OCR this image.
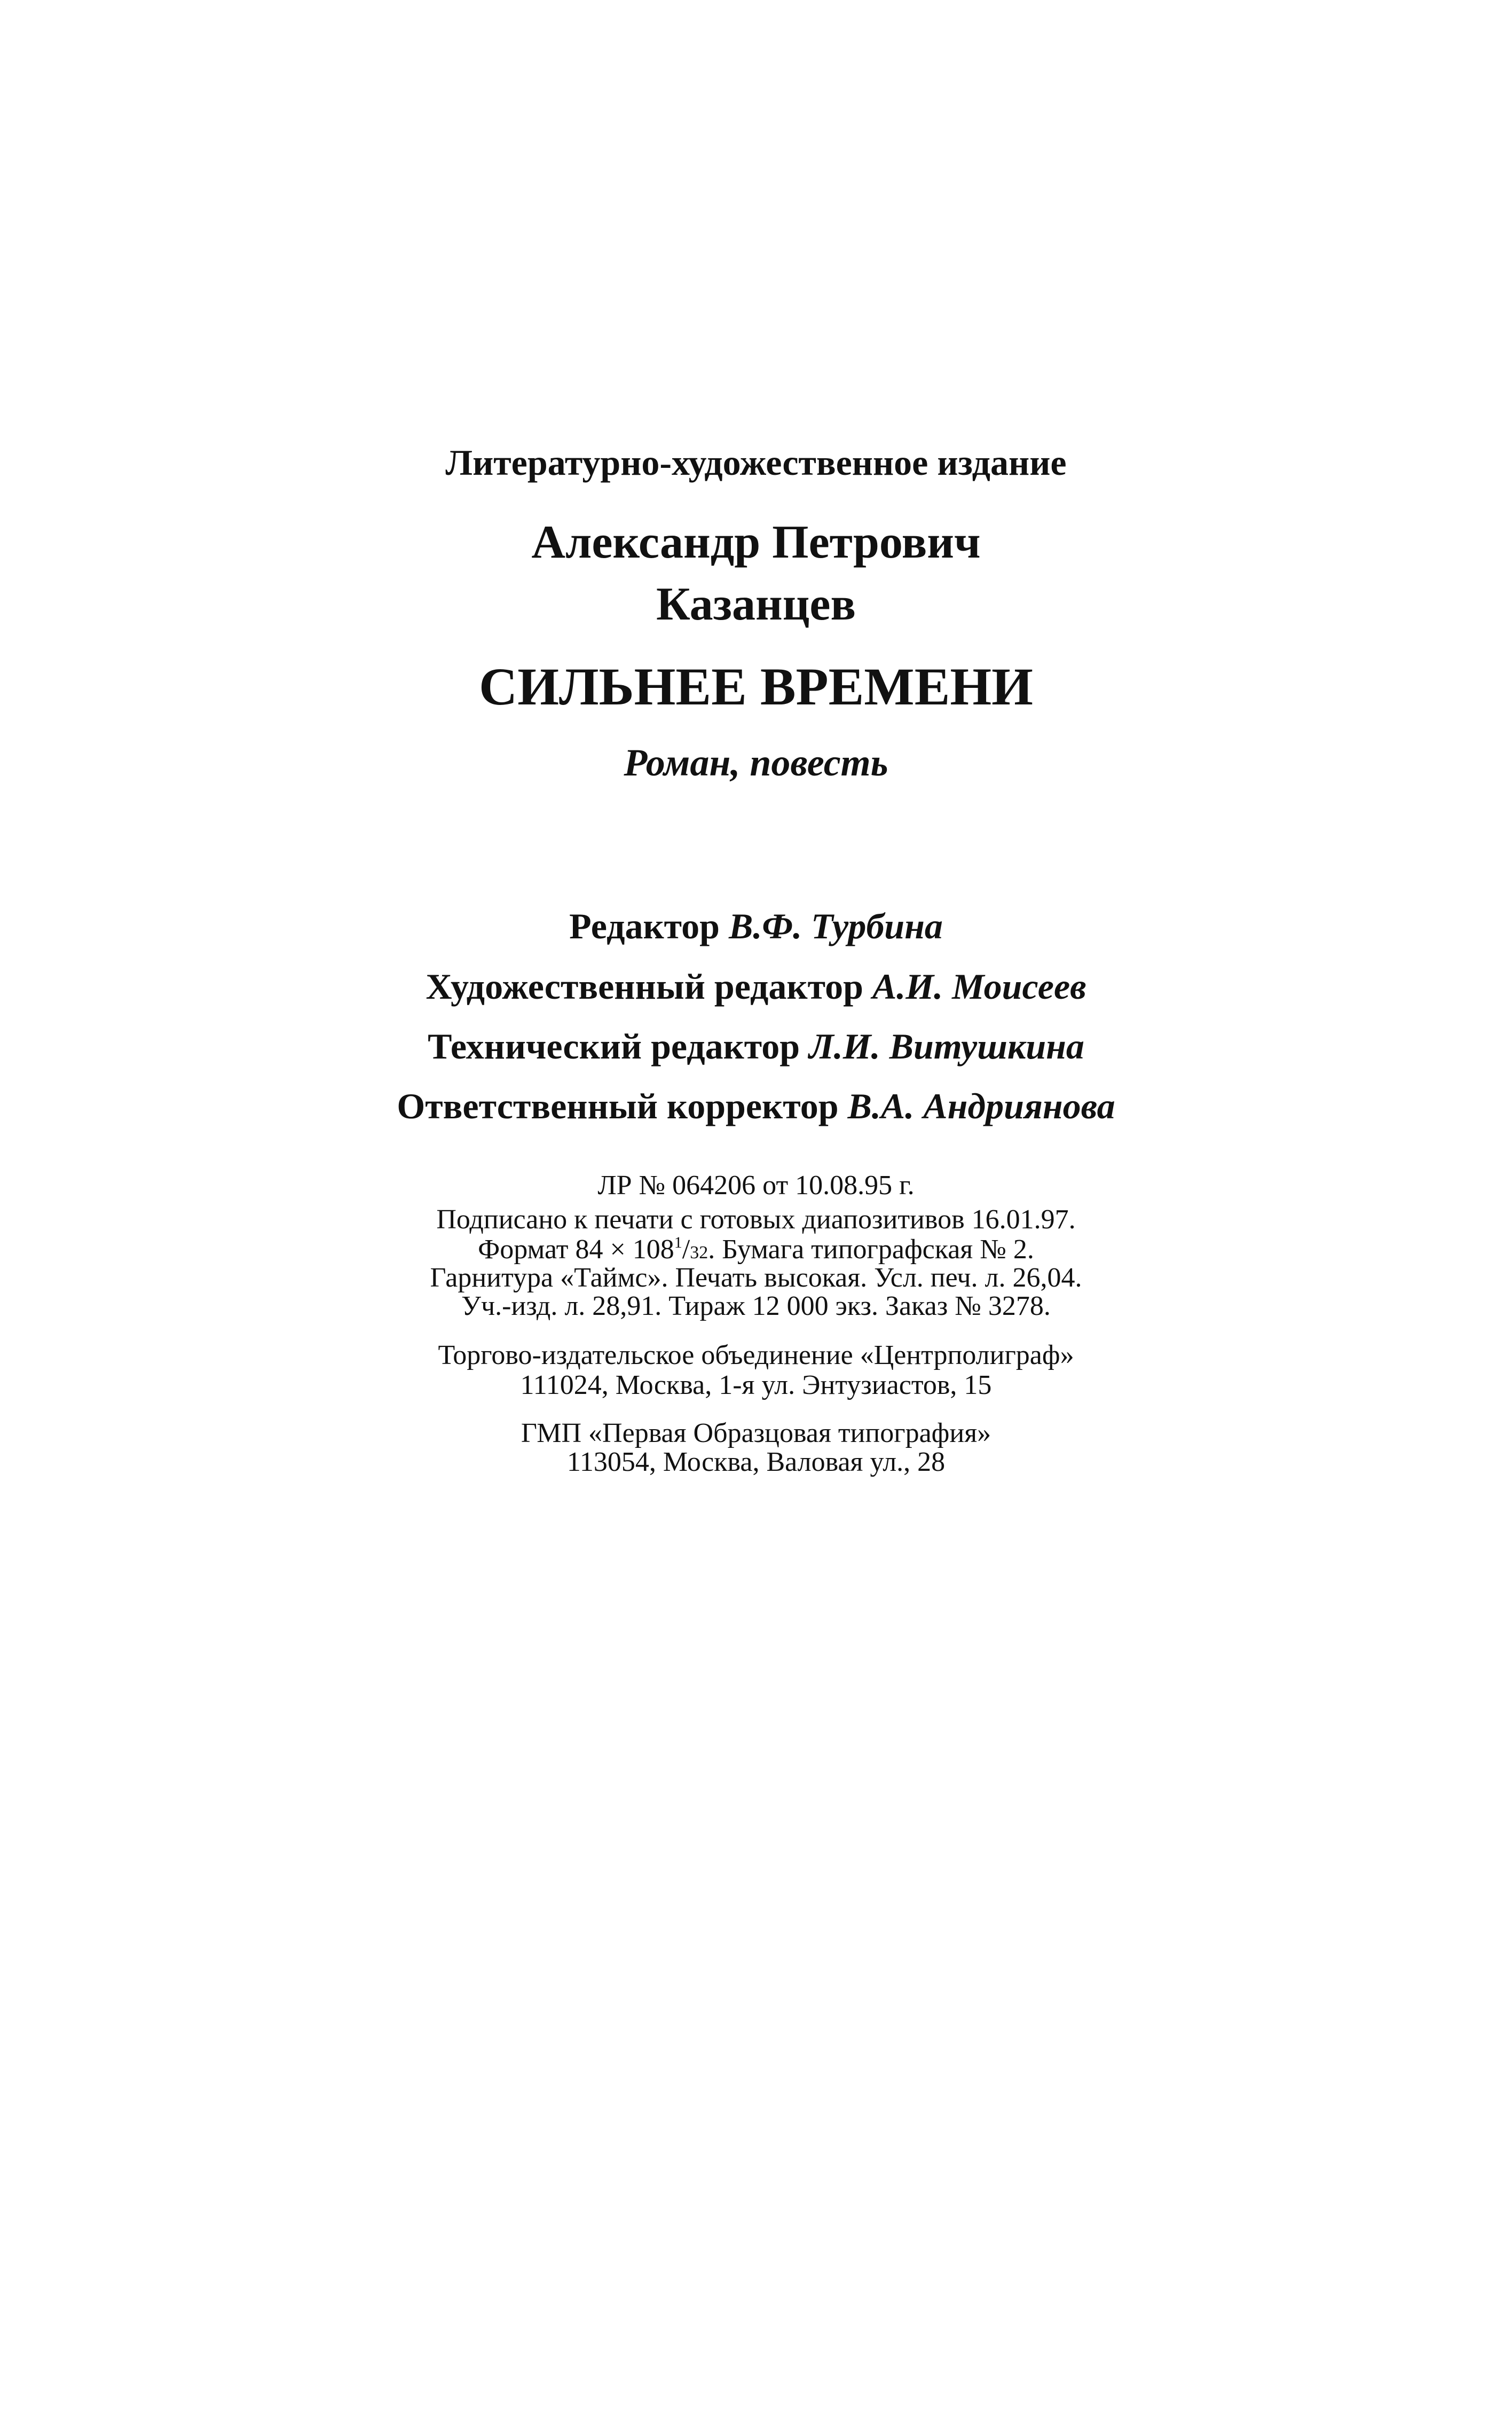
Литературно-художественное издание
Александр Петрович
Казанцев
СИЛЬНЕЕ ВРЕМЕНИ
Роман, повесть
Редактор В.Ф. Турбина
Художественный редактор А.И. Моисеев
Технический редактор Л.И. Витушкина
Ответственный корректор В.А. Андриянова
ЛР № 064206 от 10.08.95 г.
Подписано к печати с готовых диапозитивов 16.01.97.
Формат $84 \times 108^1/32$. Бумага типографская № 2.
Гарнитура «Таймс». Печать высокая. Усл. печ. л. 26,04.
Уч.-изд. л. 28,91. Тираж 12 000 экз. Заказ № 3278.
Торгово-издательское объединение «Центрполиграф»
111024, Москва, 1-я ул. Энтузиастов, 15
ГМП «Первая Образцовая типография»
113054, Москва, Валовая ул., 28
